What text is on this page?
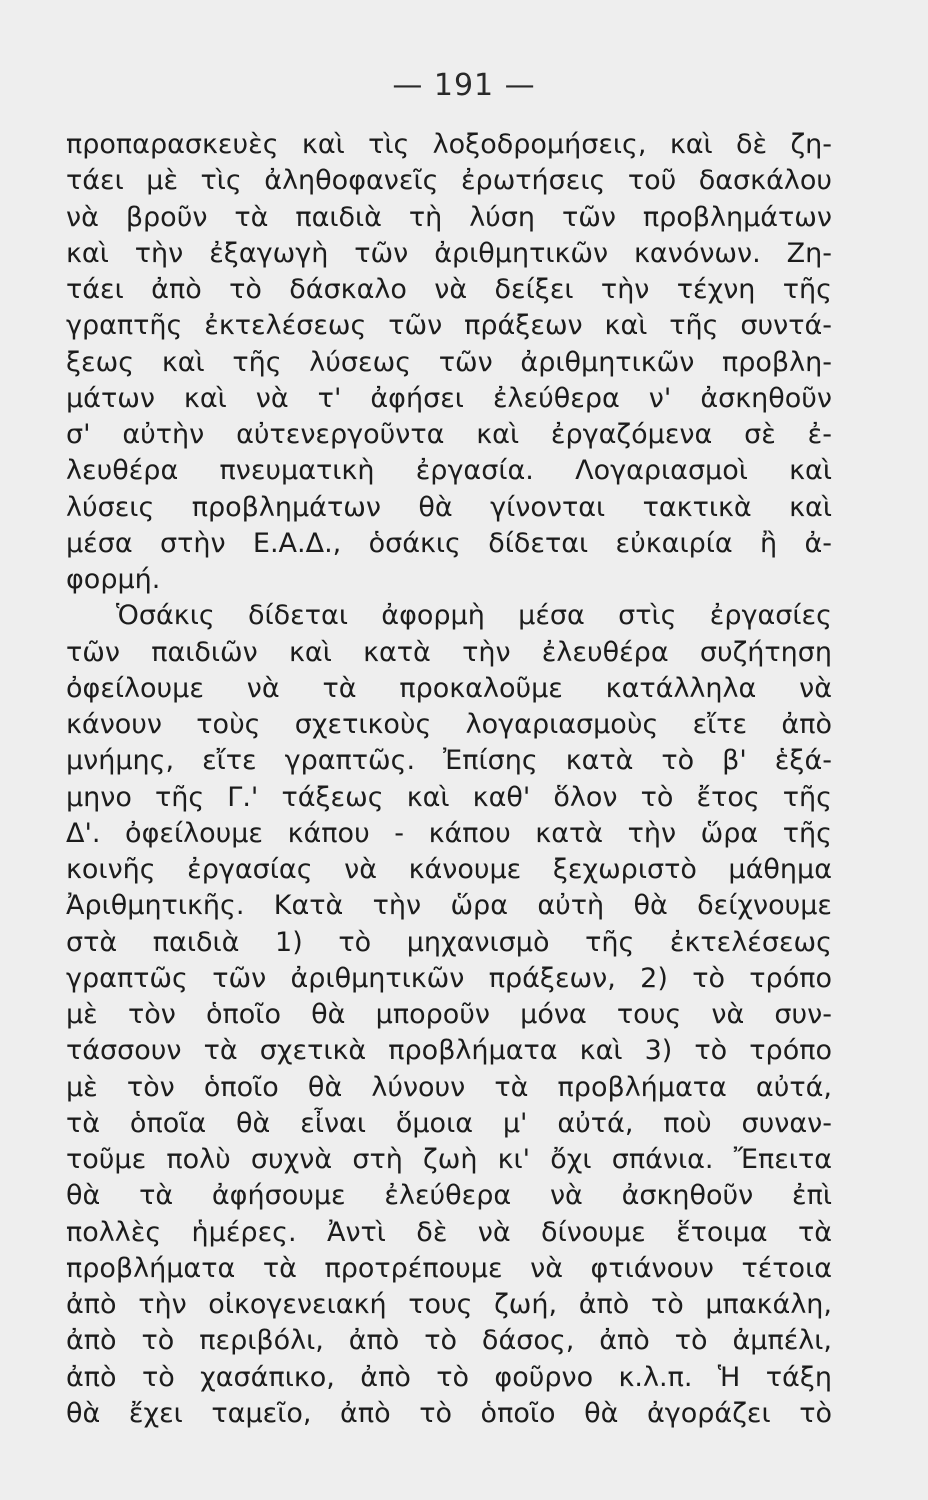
— 191 —
προπαρασκευὲς καὶ τὶς λοξοδρομήσεις, καὶ δὲ ζη-
τάει μὲ τὶς ἀληθοφανεῖς ἐρωτήσεις τοῦ δασκάλου
νὰ βροῦν τὰ παιδιὰ τὴ λύση τῶν προβλημάτων
καὶ τὴν ἐξαγωγὴ τῶν ἀριθμητικῶν κανόνων. Ζη-
τάει ἀπὸ τὸ δάσκαλο νὰ δείξει τὴν τέχνη τῆς
γραπτῆς ἐκτελέσεως τῶν πράξεων καὶ τῆς συντά-
ξεως καὶ τῆς λύσεως τῶν ἀριθμητικῶν προβλη-
μάτων καὶ νὰ τ' ἀφήσει ἐλεύθερα ν' ἀσκηθοῦν
σ' αὐτὴν αὐτενεργοῦντα καὶ ἐργαζόμενα σὲ ἐ-
λευθέρα πνευματικὴ ἐργασία. Λογαριασμοὶ καὶ
λύσεις προβλημάτων θὰ γίνονται τακτικὰ καὶ
μέσα στὴν Ε.Α.Δ., ὁσάκις δίδεται εὐκαιρία ἢ ἀ-
φορμή.
Ὁσάκις δίδεται ἀφορμὴ μέσα στὶς ἐργασίες
τῶν παιδιῶν καὶ κατὰ τὴν ἐλευθέρα συζήτηση
ὀφείλουμε νὰ τὰ προκαλοῦμε κατάλληλα νὰ
κάνουν τοὺς σχετικοὺς λογαριασμοὺς εἴτε ἀπὸ
μνήμης, εἴτε γραπτῶς. Ἐπίσης κατὰ τὸ β' ἑξά-
μηνο τῆς Γ.' τάξεως καὶ καθ' ὅλον τὸ ἔτος τῆς
Δ'. ὀφείλουμε κάπου - κάπου κατὰ τὴν ὥρα τῆς
κοινῆς ἐργασίας νὰ κάνουμε ξεχωριστὸ μάθημα
Ἀριθμητικῆς. Κατὰ τὴν ὥρα αὐτὴ θὰ δείχνουμε
στὰ παιδιὰ 1) τὸ μηχανισμὸ τῆς ἐκτελέσεως
γραπτῶς τῶν ἀριθμητικῶν πράξεων, 2) τὸ τρόπο
μὲ τὸν ὁποῖο θὰ μποροῦν μόνα τους νὰ συν-
τάσσουν τὰ σχετικὰ προβλήματα καὶ 3) τὸ τρόπο
μὲ τὸν ὁποῖο θὰ λύνουν τὰ προβλήματα αὐτά,
τὰ ὁποῖα θὰ εἶναι ὅμοια μ' αὐτά, ποὺ συναν-
τοῦμε πολὺ συχνὰ στὴ ζωὴ κι' ὄχι σπάνια. Ἔπειτα
θὰ τὰ ἀφήσουμε ἐλεύθερα νὰ ἀσκηθοῦν ἐπὶ
πολλὲς ἡμέρες. Ἀντὶ δὲ νὰ δίνουμε ἕτοιμα τὰ
προβλήματα τὰ προτρέπουμε νὰ φτιάνουν τέτοια
ἀπὸ τὴν οἰκογενειακή τους ζωή, ἀπὸ τὸ μπακάλη,
ἀπὸ τὸ περιβόλι, ἀπὸ τὸ δάσος, ἀπὸ τὸ ἀμπέλι,
ἀπὸ τὸ χασάπικο, ἀπὸ τὸ φοῦρνο κ.λ.π. Ἡ τάξη
θὰ ἔχει ταμεῖο, ἀπὸ τὸ ὁποῖο θὰ ἀγοράζει τὸ
